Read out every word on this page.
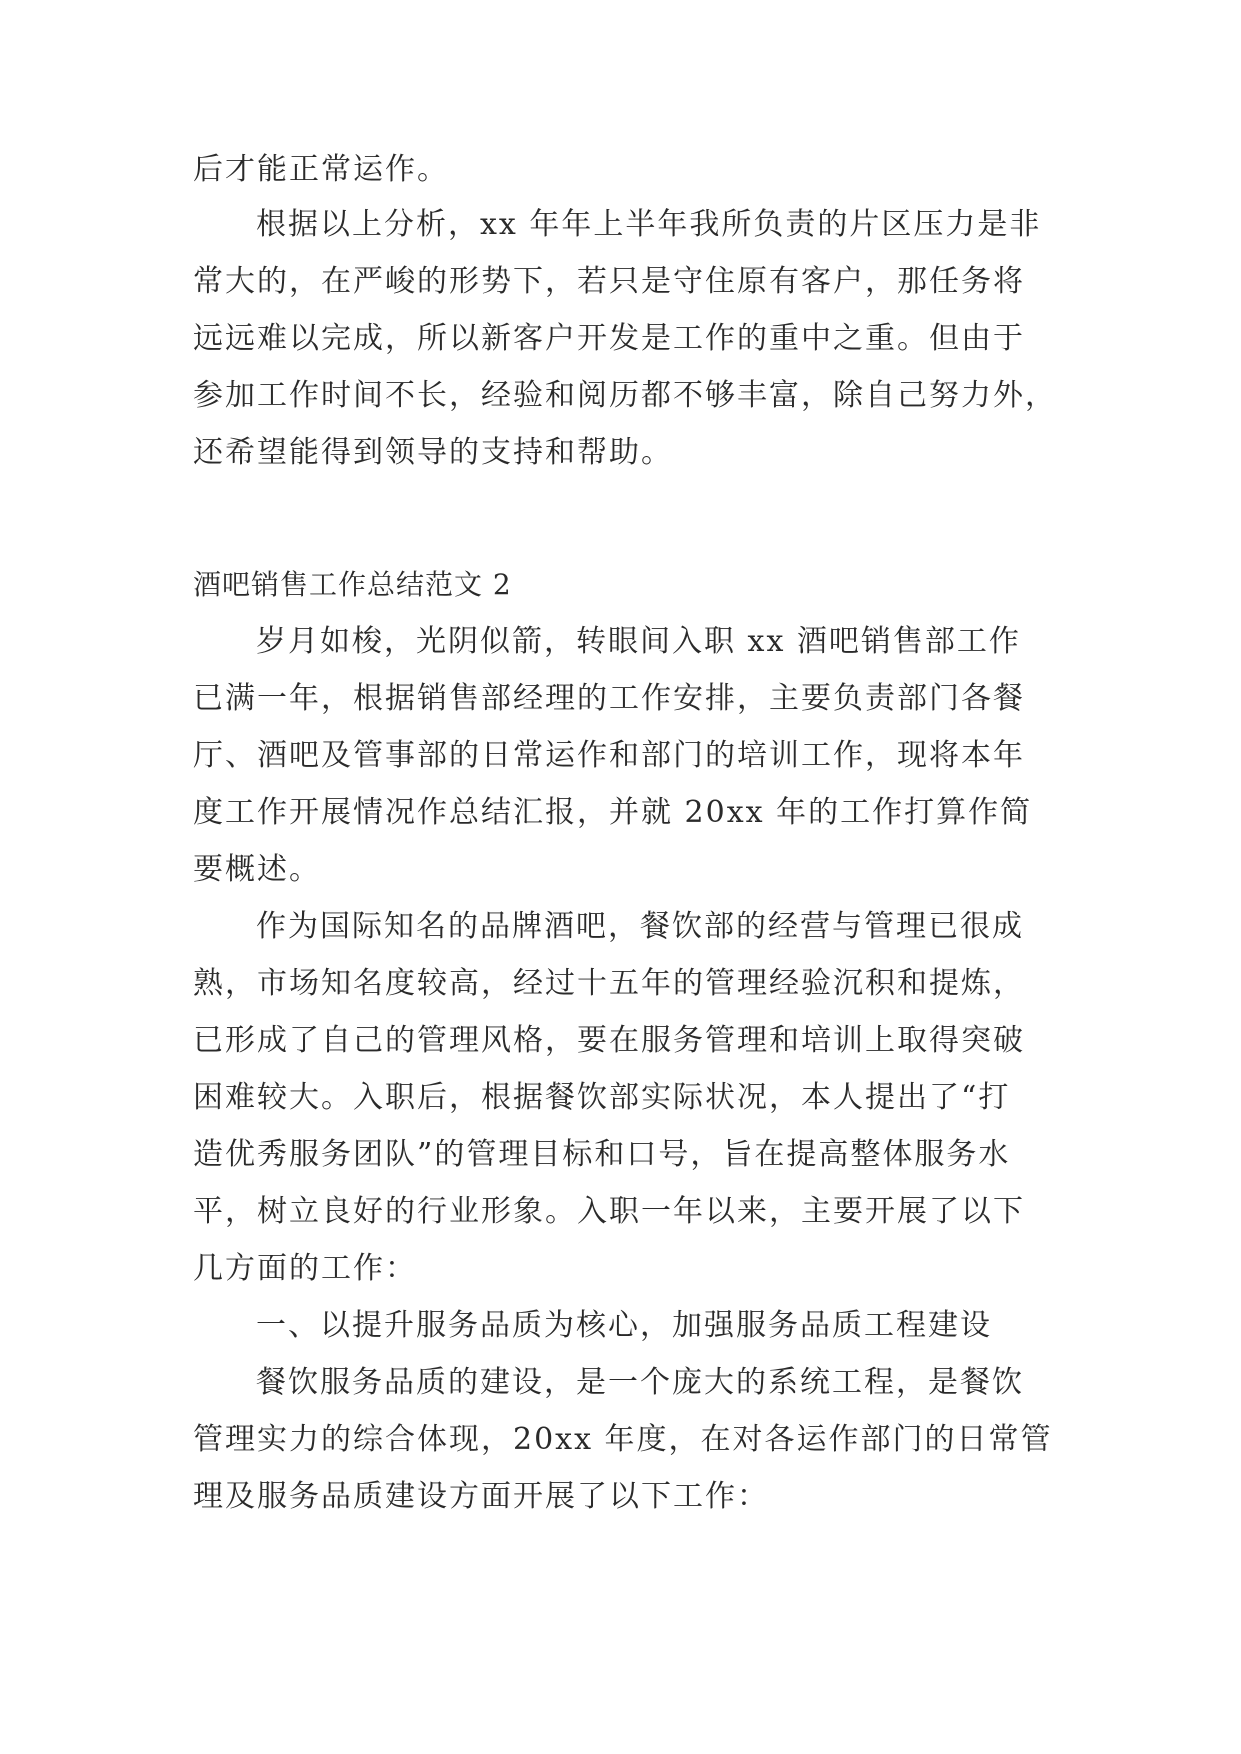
后才能正常运作。
根据以上分析，xx 年年上半年我所负责的片区压力是非
常大的，在严峻的形势下，若只是守住原有客户，那任务将
远远难以完成，所以新客户开发是工作的重中之重。但由于
参加工作时间不长，经验和阅历都不够丰富，除自己努力外，
还希望能得到领导的支持和帮助。
酒吧销售工作总结范文 2
岁月如梭，光阴似箭，转眼间入职 xx 酒吧销售部工作
已满一年，根据销售部经理的工作安排，主要负责部门各餐
厅、酒吧及管事部的日常运作和部门的培训工作，现将本年
度工作开展情况作总结汇报，并就 20xx 年的工作打算作简
要概述。
作为国际知名的品牌酒吧，餐饮部的经营与管理已很成
熟，市场知名度较高，经过十五年的管理经验沉积和提炼，
已形成了自己的管理风格，要在服务管理和培训上取得突破
困难较大。入职后，根据餐饮部实际状况，本人提出了“打
造优秀服务团队”的管理目标和口号，旨在提高整体服务水
平，树立良好的行业形象。入职一年以来，主要开展了以下
几方面的工作：
一、以提升服务品质为核心，加强服务品质工程建设
餐饮服务品质的建设，是一个庞大的系统工程，是餐饮
管理实力的综合体现，20xx 年度，在对各运作部门的日常管
理及服务品质建设方面开展了以下工作：
